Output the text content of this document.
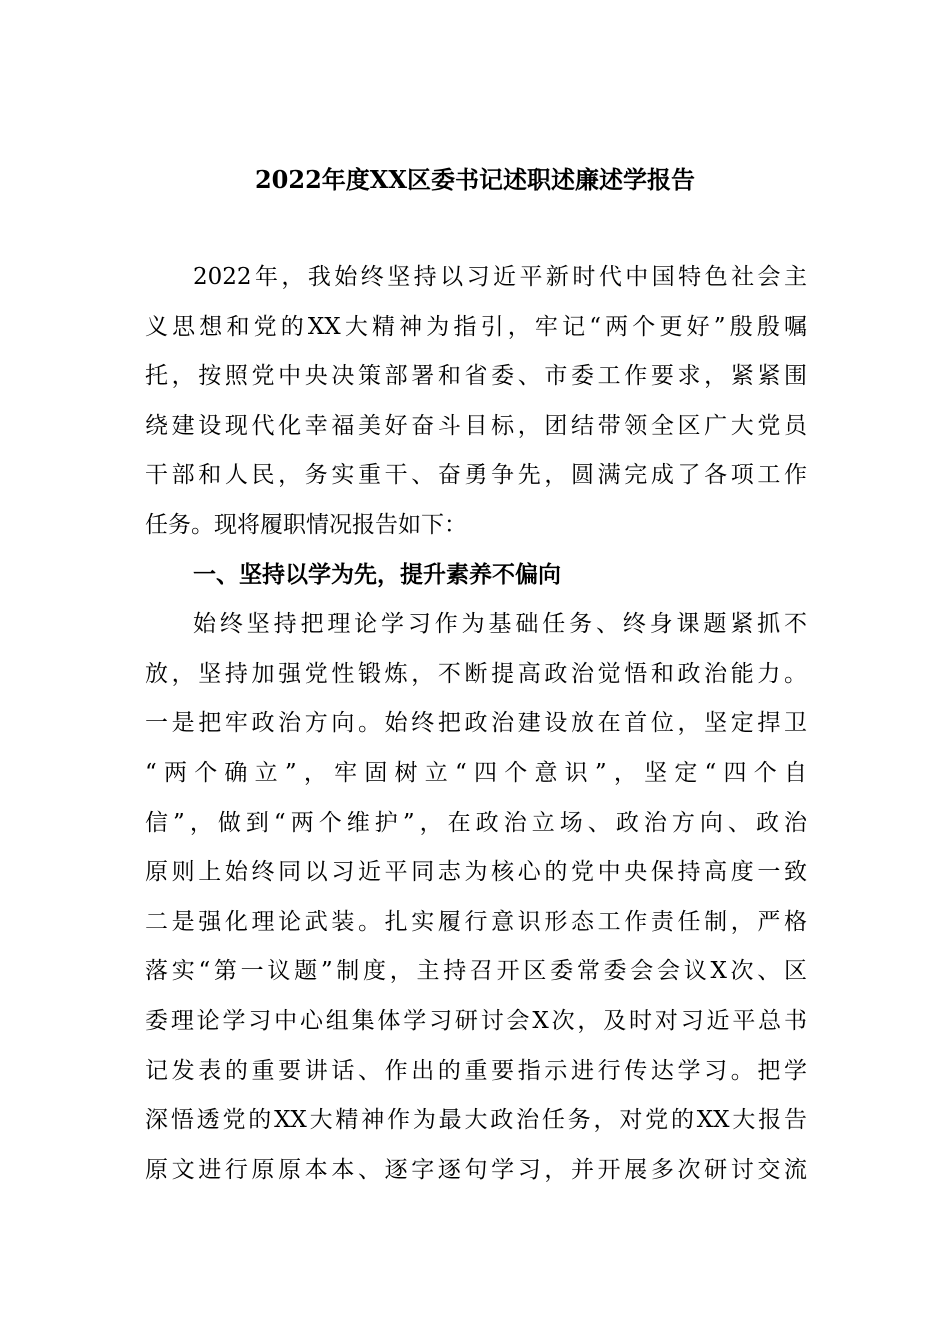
2022年度XX区委书记述职述廉述学报告
2022年，我始终坚持以习近平新时代中国特色社会主
义思想和党的XX大精神为指引，牢记“两个更好”殷殷嘱
托，按照党中央决策部署和省委、市委工作要求，紧紧围
绕建设现代化幸福美好奋斗目标，团结带领全区广大党员
干部和人民，务实重干、奋勇争先，圆满完成了各项工作
任务。现将履职情况报告如下：
一、坚持以学为先，提升素养不偏向
始终坚持把理论学习作为基础任务、终身课题紧抓不
放，坚持加强党性锻炼，不断提高政治觉悟和政治能力。
一是把牢政治方向。始终把政治建设放在首位，坚定捍卫
“两个确立”，牢固树立“四个意识”，坚定“四个自
信”，做到“两个维护”，在政治立场、政治方向、政治
原则上始终同以习近平同志为核心的党中央保持高度一致
二是强化理论武装。扎实履行意识形态工作责任制，严格
落实“第一议题”制度，主持召开区委常委会会议X次、区
委理论学习中心组集体学习研讨会X次，及时对习近平总书
记发表的重要讲话、作出的重要指示进行传达学习。把学
深悟透党的XX大精神作为最大政治任务，对党的XX大报告
原文进行原原本本、逐字逐句学习，并开展多次研讨交流
